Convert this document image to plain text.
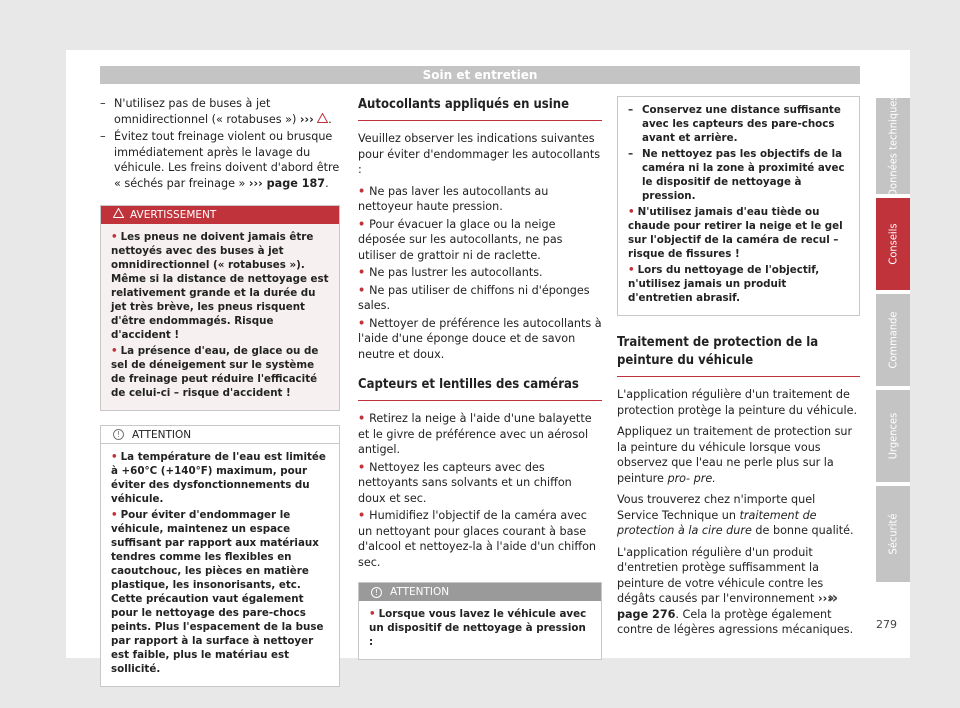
Soin et entretien
Données techniques
Conseils
Commande
Urgences
Sécurité
– N'utilisez pas de buses à jet omnidirectionnel (« rotabuses ») ››› .
– Évitez tout freinage violent ou brusque immédiatement après le lavage du véhicule. Les freins doivent d'abord être « séchés par freinage » ››› page 187.
AVERTISSEMENT

• Les pneus ne doivent jamais être nettoyés avec des buses à jet omnidirectionnel (« rotabuses »). Même si la distance de nettoyage est relativement grande et la durée du jet très brève, les pneus risquent d'être endommagés. Risque d'accident !

• La présence d'eau, de glace ou de sel de déneigement sur le système de freinage peut réduire l'efficacité de celui-ci – risque d'accident !

!	ATTENTION

• La température de l'eau est limitée à +60°C (+140°F) maximum, pour éviter des dysfonctionnements du véhicule.

• Pour éviter d'endommager le véhicule, maintenez un espace suffisant par rapport aux matériaux tendres comme les flexibles en caoutchouc, les pièces en matière plastique, les insonorisants, etc. Cette précaution vaut également pour le nettoyage des pare-chocs peints. Plus l'espacement de la buse par rapport à la surface à nettoyer est faible, plus le matériau est sollicité.

Autocollants appliqués en usine
Veuillez observer les indications suivantes pour éviter d'endommager les autocollants :
• Ne pas laver les autocollants au nettoyeur haute pression.
• Pour évacuer la glace ou la neige déposée sur les autocollants, ne pas utiliser de grattoir ni de raclette.
• Ne pas lustrer les autocollants.
• Ne pas utiliser de chiffons ni d'éponges sales.
• Nettoyer de préférence les autocollants à l'aide d'une éponge douce et de savon neutre et doux.
Capteurs et lentilles des caméras
• Retirez la neige à l'aide d'une balayette et le givre de préférence avec un aérosol antigel.
• Nettoyez les capteurs avec des nettoyants sans solvants et un chiffon doux et sec.
• Humidifiez l'objectif de la caméra avec un nettoyant pour glaces courant à base d'alcool et nettoyez-la à l'aide d'un chiffon sec.
!	ATTENTION

• Lorsque vous lavez le véhicule avec un dispositif de nettoyage à pression :

– Conservez une distance suffisante avec les capteurs des pare-chocs avant et arrière.
– Ne nettoyez pas les objectifs de la caméra ni la zone à proximité avec le dispositif de nettoyage à pression.

• N'utilisez jamais d'eau tiède ou chaude pour retirer la neige et le gel sur l'objectif de la caméra de recul – risque de fissures !

• Lors du nettoyage de l'objectif, n'utilisez jamais un produit d'entretien abrasif.

Traitement de protection de la peinture du véhicule
L'application régulière d'un traitement de protection protège la peinture du véhicule.
Appliquez un traitement de protection sur la peinture du véhicule lorsque vous observez que l'eau ne perle plus sur la peinture pro- pre.
Vous trouverez chez n'importe quel Service Technique un traitement de protection à la cire dure de bonne qualité.
L'application régulière d'un produit d'entretien protège suffisamment la peinture de votre véhicule contre les dégâts causés par l'environnement ››› page 276. Cela la protège également contre de légères agressions mécaniques.
»
279
